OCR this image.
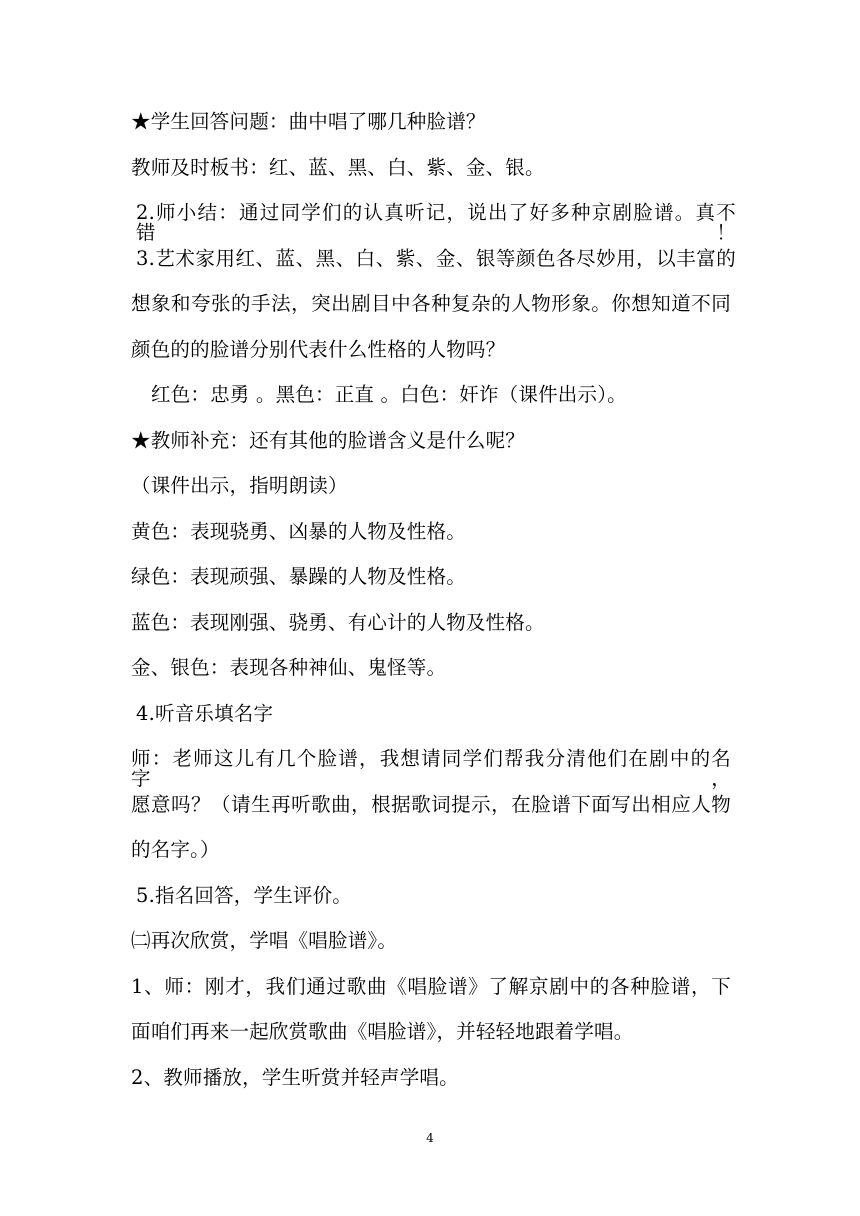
★学生回答问题：曲中唱了哪几种脸谱？
教师及时板书：红、蓝、黑、白、紫、金、银。
2.师小结：通过同学们的认真听记，说出了好多种京剧脸谱。真不错！
3.艺术家用红、蓝、黑、白、紫、金、银等颜色各尽妙用，以丰富的
想象和夸张的手法，突出剧目中各种复杂的人物形象。你想知道不同
颜色的的脸谱分别代表什么性格的人物吗？
红色：忠勇 。黑色：正直 。白色：奸诈（课件出示）。
★教师补充：还有其他的脸谱含义是什么呢？
（课件出示，指明朗读）
黄色：表现骁勇、凶暴的人物及性格。
绿色：表现顽强、暴躁的人物及性格。
蓝色：表现刚强、骁勇、有心计的人物及性格。
金、银色：表现各种神仙、鬼怪等。
4.听音乐填名字
师：老师这儿有几个脸谱，我想请同学们帮我分清他们在剧中的名字，
愿意吗？（请生再听歌曲，根据歌词提示，在脸谱下面写出相应人物
的名字。）
5.指名回答，学生评价。
㈡再次欣赏，学唱《唱脸谱》。
1、师：刚才，我们通过歌曲《唱脸谱》了解京剧中的各种脸谱，下
面咱们再来一起欣赏歌曲《唱脸谱》，并轻轻地跟着学唱。
2、教师播放，学生听赏并轻声学唱。
4
